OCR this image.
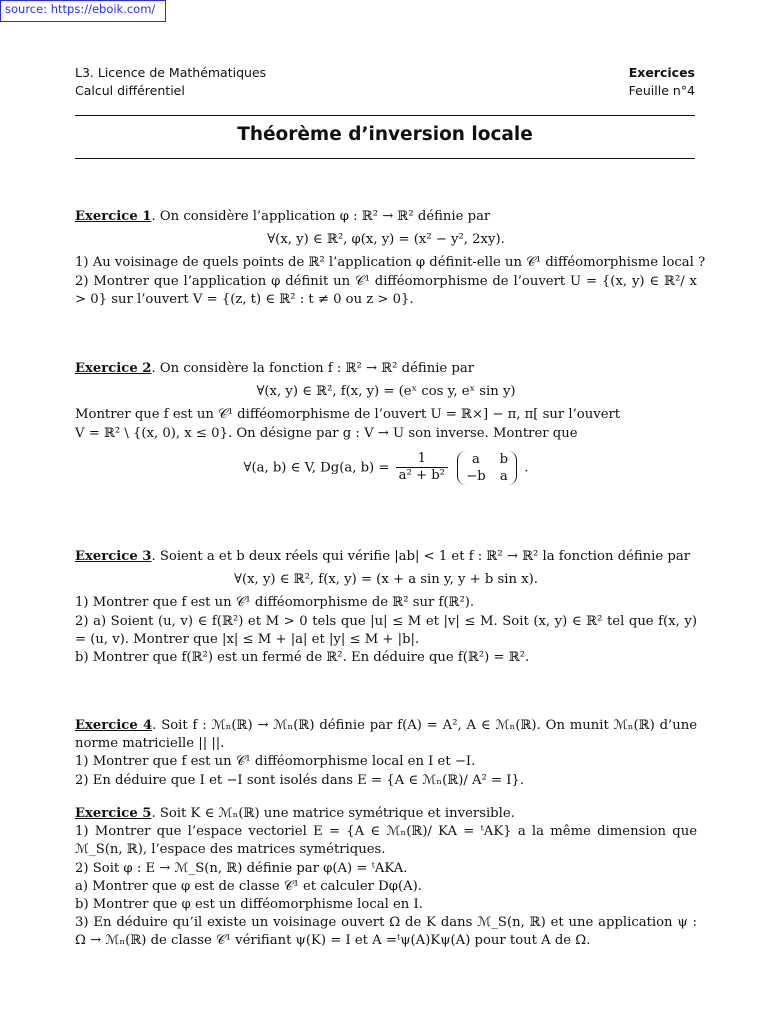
source: https://eboik.com/
L3. Licence de Mathématiques
Calcul différentiel
Exercices
Feuille n°4
Théorème d’inversion locale
Exercice 1. On considère l’application φ : ℝ² → ℝ² définie par
∀(x, y) ∈ ℝ², φ(x, y) = (x² − y², 2xy).
1) Au voisinage de quels points de ℝ² l’application φ définit-elle un 𝒞¹ difféomorphisme local ?
2) Montrer que l’application φ définit un 𝒞¹ difféomorphisme de l’ouvert U = {(x, y) ∈ ℝ²/ x > 0} sur l’ouvert V = {(z, t) ∈ ℝ² : t ≠ 0 ou z > 0}.
Exercice 2. On considère la fonction f : ℝ² → ℝ² définie par
∀(x, y) ∈ ℝ², f(x, y) = (eˣ cos y, eˣ sin y)
Montrer que f est un 𝒞¹ difféomorphisme de l’ouvert U = ℝ×] − π, π[ sur l’ouvert
V = ℝ² \ {(x, 0), x ≤ 0}. On désigne par g : V → U son inverse. Montrer que
∀(a, b) ∈ V, Dg(a, $b) = \frac{1}{\text{a² + b²}}$
	a	b
−b a
.
Exercice 3. Soient a et b deux réels qui vérifie |ab| < 1 et f : ℝ² → ℝ² la fonction définie par
∀(x, y) ∈ ℝ², f(x, y) = (x + a sin y, y + b sin x).
1) Montrer que f est un 𝒞¹ difféomorphisme de ℝ² sur f(ℝ²).
2) a) Soient (u, v) ∈ f(ℝ²) et M > 0 tels que |u| ≤ M et |v| ≤ M. Soit (x, y) ∈ ℝ² tel que f(x, y) = (u, v). Montrer que |x| ≤ M + |a| et |y| ≤ M + |b|.
b) Montrer que f(ℝ²) est un fermé de ℝ². En déduire que f(ℝ²) = ℝ².
Exercice 4. Soit f : ℳₙ(ℝ) → ℳₙ(ℝ) définie par f(A) = A², A ∈ ℳₙ(ℝ). On munit ℳₙ(ℝ) d’une norme matricielle || ||.
1) Montrer que f est un 𝒞¹ difféomorphisme local en I et −I.
2) En déduire que I et −I sont isolés dans E = {A ∈ ℳₙ(ℝ)/ A² = I}.
Exercice 5. Soit K ∈ ℳₙ(ℝ) une matrice symétrique et inversible.
1) Montrer que l’espace vectoriel E = {A ∈ ℳₙ(ℝ)/ KA = ᵗAK} a la même dimension que ℳ_S(n, ℝ), l’espace des matrices symétriques.
2) Soit φ : E → ℳ_S(n, ℝ) définie par φ(A) = ᵗAKA.
a) Montrer que φ est de classe 𝒞¹ et calculer Dφ(A).
b) Montrer que φ est un difféomorphisme local en I.
3) En déduire qu’il existe un voisinage ouvert Ω de K dans ℳ_S(n, ℝ) et une application ψ : Ω → ℳₙ(ℝ) de classe 𝒞¹ vérifiant ψ(K) = I et A =ᵗψ(A)Kψ(A) pour tout A de Ω.
